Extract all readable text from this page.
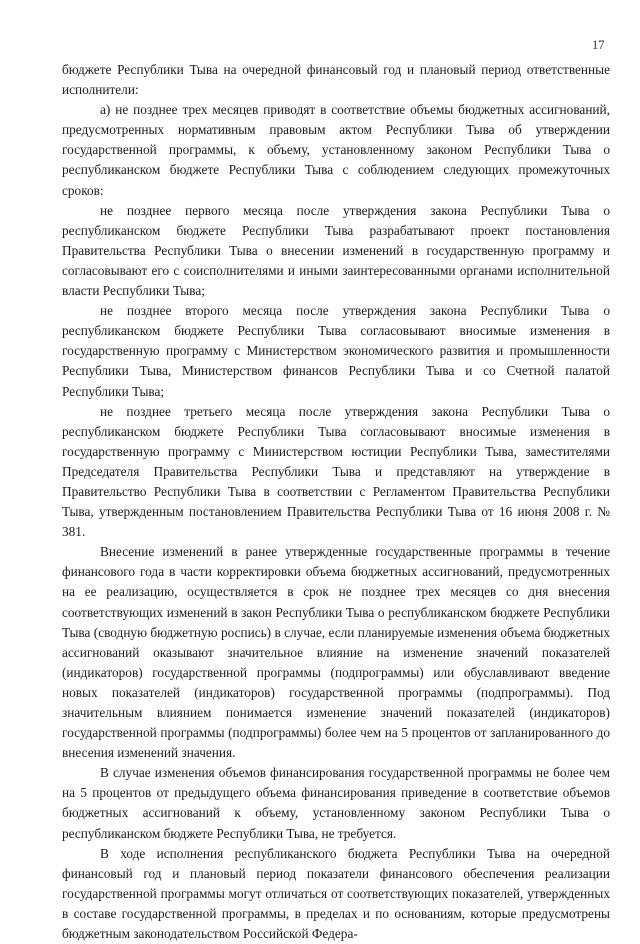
17

бюджете Республики Тыва на очередной финансовый год и плановый период ответственные исполнители:

а) не позднее трех месяцев приводят в соответствие объемы бюджетных ассигнований, предусмотренных нормативным правовым актом Республики Тыва об утверждении государственной программы, к объему, установленному законом Республики Тыва о республиканском бюджете Республики Тыва с соблюдением следующих промежуточных сроков:

не позднее первого месяца после утверждения закона Республики Тыва о республиканском бюджете Республики Тыва разрабатывают проект постановления Правительства Республики Тыва о внесении изменений в государственную программу и согласовывают его с соисполнителями и иными заинтересованными органами исполнительной власти Республики Тыва;

не позднее второго месяца после утверждения закона Республики Тыва о республиканском бюджете Республики Тыва согласовывают вносимые изменения в государственную программу с Министерством экономического развития и промышленности Республики Тыва, Министерством финансов Республики Тыва и со Счетной палатой Республики Тыва;

не позднее третьего месяца после утверждения закона Республики Тыва о республиканском бюджете Республики Тыва согласовывают вносимые изменения в государственную программу с Министерством юстиции Республики Тыва, заместителями Председателя Правительства Республики Тыва и представляют на утверждение в Правительство Республики Тыва в соответствии с Регламентом Правительства Республики Тыва, утвержденным постановлением Правительства Республики Тыва от 16 июня 2008 г. № 381.

Внесение изменений в ранее утвержденные государственные программы в течение финансового года в части корректировки объема бюджетных ассигнований, предусмотренных на ее реализацию, осуществляется в срок не позднее трех месяцев со дня внесения соответствующих изменений в закон Республики Тыва о республиканском бюджете Республики Тыва (сводную бюджетную роспись) в случае, если планируемые изменения объема бюджетных ассигнований оказывают значительное влияние на изменение значений показателей (индикаторов) государственной программы (подпрограммы) или обуславливают введение новых показателей (индикаторов) государственной программы (подпрограммы). Под значительным влиянием понимается изменение значений показателей (индикаторов) государственной программы (подпрограммы) более чем на 5 процентов от запланированного до внесения изменений значения.

В случае изменения объемов финансирования государственной программы не более чем на 5 процентов от предыдущего объема финансирования приведение в соответствие объемов бюджетных ассигнований к объему, установленному законом Республики Тыва о республиканском бюджете Республики Тыва, не требуется.

В ходе исполнения республиканского бюджета Республики Тыва на очередной финансовый год и плановый период показатели финансового обеспечения реализации государственной программы могут отличаться от соответствующих показателей, утвержденных в составе государственной программы, в пределах и по основаниям, которые предусмотрены бюджетным законодательством Российской Федера-
